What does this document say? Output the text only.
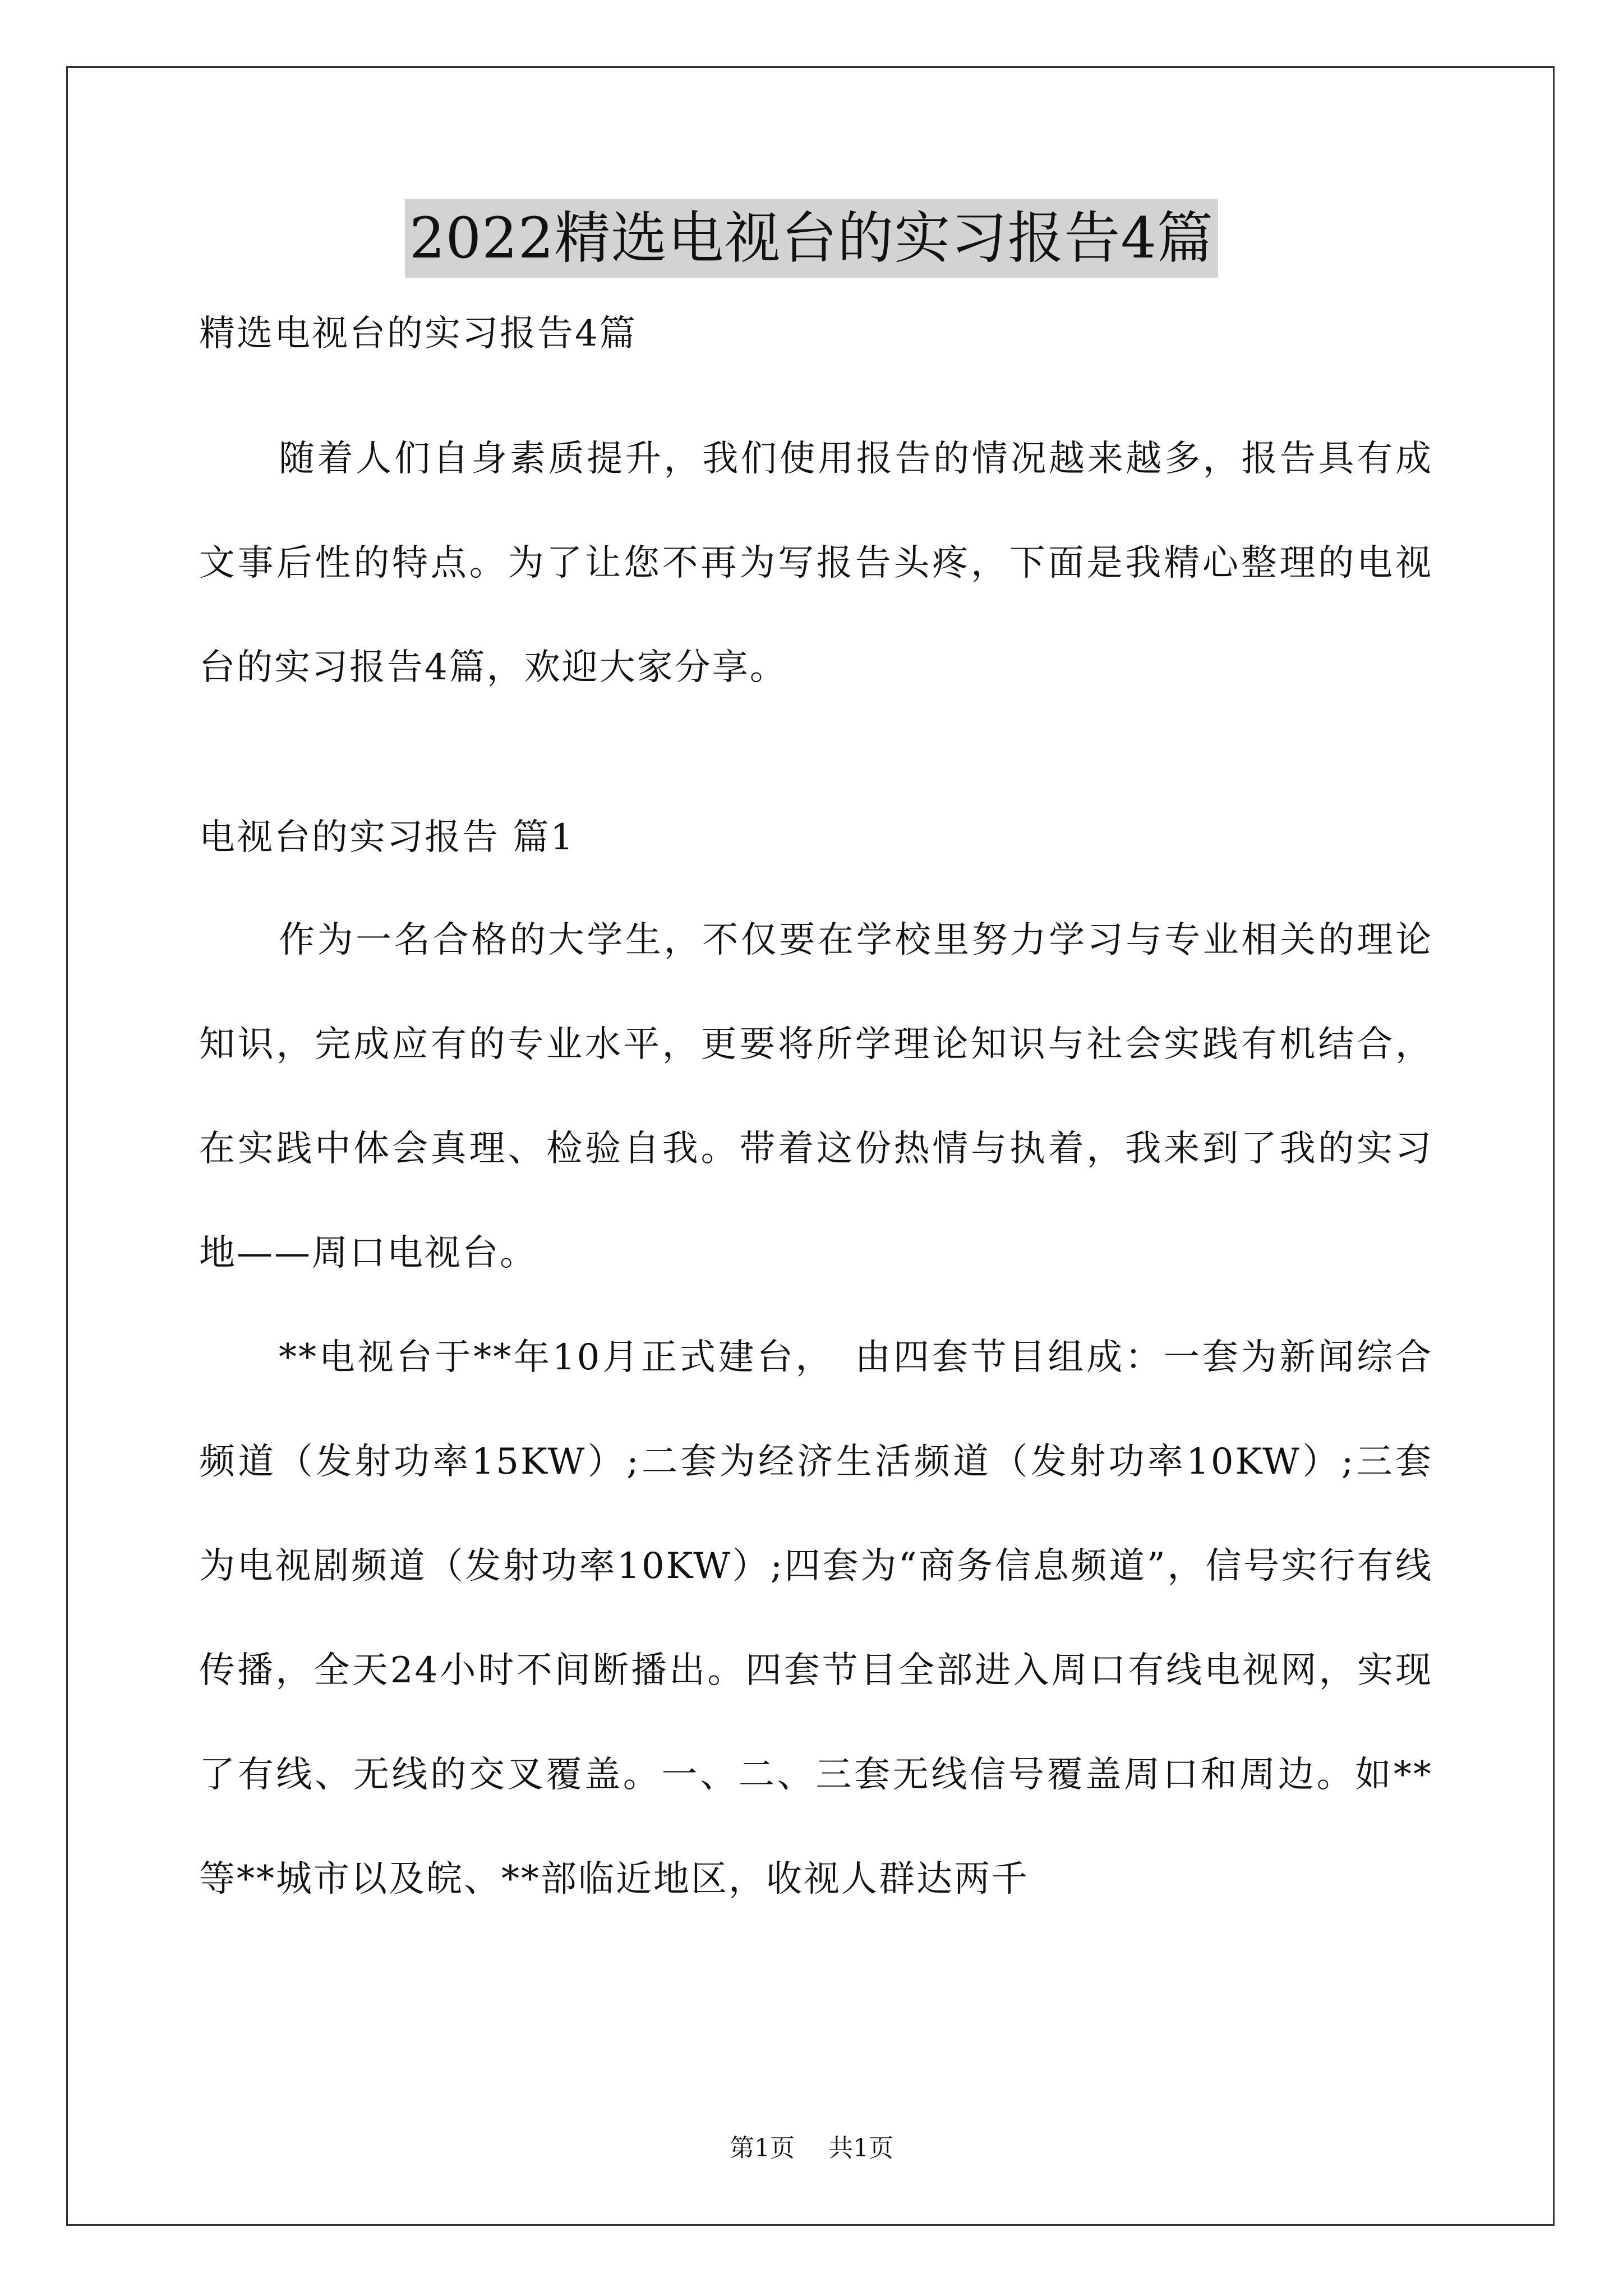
2022精选电视台的实习报告4篇

精选电视台的实习报告4篇

随着人们自身素质提升，我们使用报告的情况越来越多，报告具有成文事后性的特点。为了让您不再为写报告头疼，下面是我精心整理的电视台的实习报告4篇，欢迎大家分享。

电视台的实习报告 篇1

作为一名合格的大学生，不仅要在学校里努力学习与专业相关的理论知识，完成应有的专业水平，更要将所学理论知识与社会实践有机结合，在实践中体会真理、检验自我。带着这份热情与执着，我来到了我的实习地——周口电视台。

**电视台于**年10月正式建台，　由四套节目组成：一套为新闻综合频道（发射功率15KW）;二套为经济生活频道（发射功率10KW）;三套为电视剧频道（发射功率10KW）;四套为“商务信息频道”，信号实行有线传播，全天24小时不间断播出。四套节目全部进入周口有线电视网，实现了有线、无线的交叉覆盖。一、二、三套无线信号覆盖周口和周边。如**等**城市以及皖、**部临近地区，收视人群达两千

第1页 共1页
